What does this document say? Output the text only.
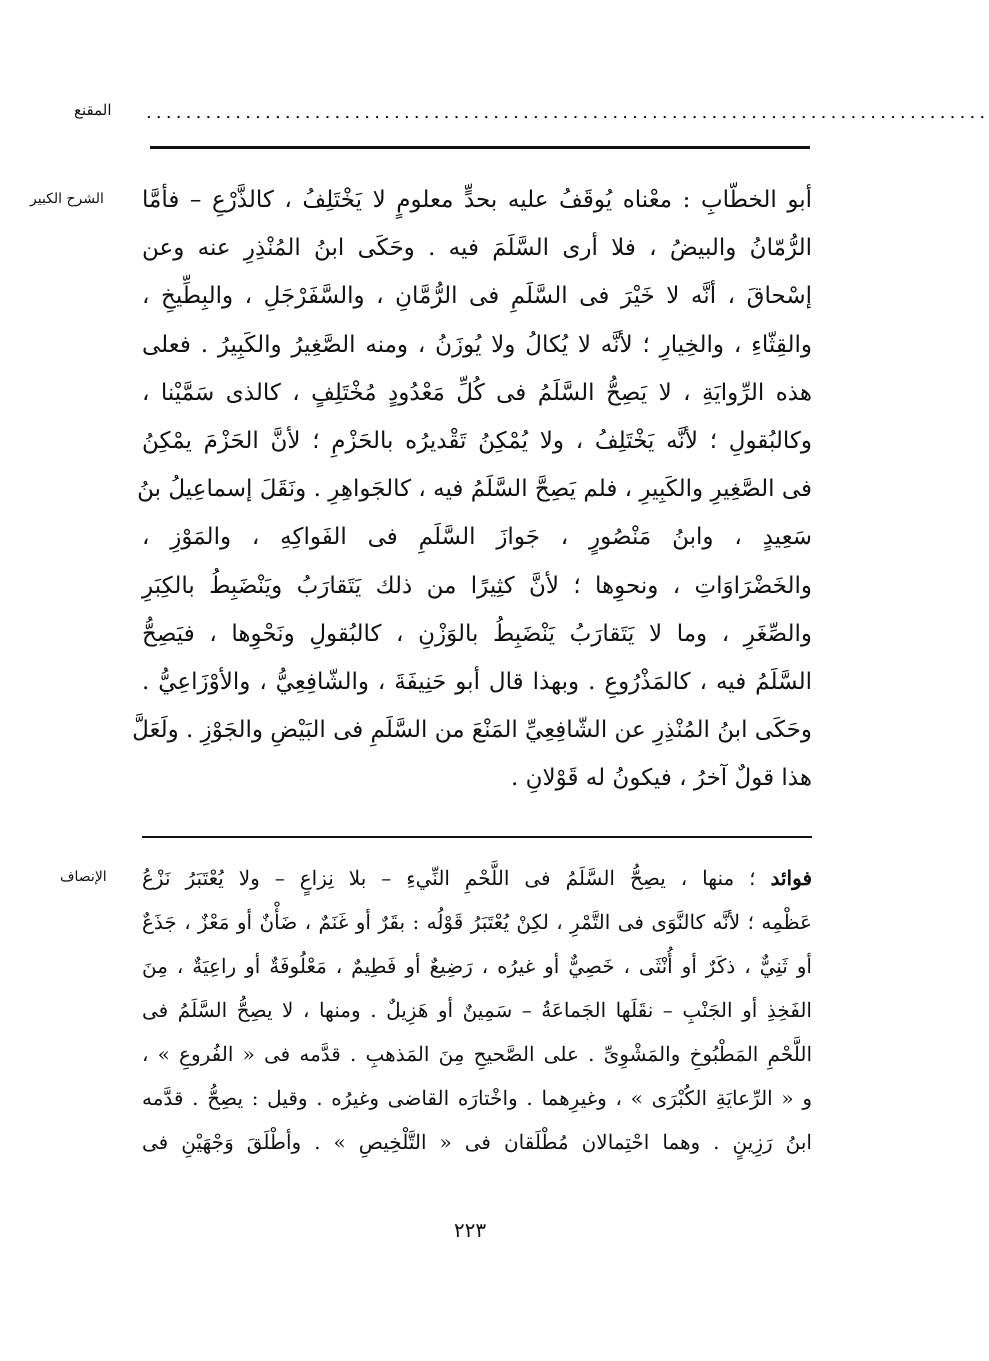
المقنع .....................................................................................
الشرح الكبير أبو الخطّابِ : معْناه يُوقَفُ عليه بحدٍّ معلومٍ لا يَخْتَلِفُ ، كالذَّرْعِ – فأمَّا
الرُّمّانُ والبيضُ ، فلا أرى السَّلَمَ فيه . وحَكَى ابنُ المُنْذِرِ عنه وعن
إسْحاقَ ، أنَّه لا خَيْرَ فى السَّلَمِ فى الرُّمَّانِ ، والسَّفَرْجَلِ ، والبِطِّيخِ ،
والقِثّاءِ ، والخِيارِ ؛ لأنَّه لا يُكالُ ولا يُوزَنُ ، ومنه الصَّغِيرُ والكَبِيرُ . فعلى
هذه الرِّوايَةِ ، لا يَصِحُّ السَّلَمُ فى كُلِّ مَعْدُودٍ مُخْتَلِفٍ ، كالذى سَمَّيْنا ،
وكالبُقولِ ؛ لأنَّه يَخْتَلِفُ ، ولا يُمْكِنُ تَقْديرُه بالحَزْمِ ؛ لأنَّ الحَزْمَ يمْكِنُ
فى الصَّغِيرِ والكَبِيرِ ، فلم يَصِحَّ السَّلَمُ فيه ، كالجَواهِرِ . ونَقَلَ إسماعِيلُ بنُ
سَعِيدٍ ، وابنُ مَنْصُورٍ ، جَوازَ السَّلَمِ فى الفَواكِهِ ، والمَوْزِ ،
والخَضْرَاوَاتِ ، ونحوِها ؛ لأنَّ كثِيرًا من ذلك يَتَقارَبُ ويَنْضَبِطُ بالكِبَرِ
والصِّغَرِ ، وما لا يَتَقارَبُ يَنْضَبِطُ بالوَزْنِ ، كالبُقولِ ونَحْوِها ، فيَصِحُّ
السَّلَمُ فيه ، كالمَذْرُوعِ . وبهذا قال أبو حَنِيفَةَ ، والشّافِعِيُّ ، والأوْزَاعِيُّ .
وحَكَى ابنُ المُنْذِرِ عن الشّافِعِيِّ المَنْعَ من السَّلَمِ فى البَيْضِ والجَوْزِ . ولَعَلَّ
هذا قولٌ آخرُ ، فيكونُ له قَوْلانِ .
الإنصاف	فوائد ؛ منها ، يصِحُّ السَّلَمُ فى اللَّحْمِ النِّيءِ – بلا نِزاعٍ – ولا يُعْتَبَرُ نَزْعُ
عَظْمِه ؛ لأنَّه كالنَّوَى فى التَّمْرِ ، لكِنْ يُعْتَبَرُ قَوْلُه : بقَرٌ أو غَنَمٌ ، ضَأْنٌ أو مَعْزٌ ، جَذَعٌ
أو ثَنِيٌّ ، ذكَرٌ أو أُنْثَى ، خَصِيٌّ أو غيرُه ، رَضِيعٌ أو فَطِيمٌ ، مَعْلُوفَةٌ أو راعِيَةٌ ، مِنَ
الفَخِذِ أو الجَنْبِ – نقَلَها الجَماعَةُ – سَمِينٌ أو هَزِيلٌ . ومنها ، لا يصِحُّ السَّلَمُ فى
اللَّحْمِ المَطْبُوخِ والمَشْوِىِّ . على الصَّحيحِ مِنَ المَذهبِ . قدَّمه فى « الفُروعِ » ،
و « الرِّعايَةِ الكُبْرَى » ، وغيرِهما . واخْتارَه القاضى وغيرُه . وقيل : يصِحُّ . قدَّمه
ابنُ رَزِينٍ . وهما احْتِمالان مُطْلَقان فى « التَّلْخِيصِ » . وأطْلَقَ وَجْهَيْنِ فى
٢٢٣
